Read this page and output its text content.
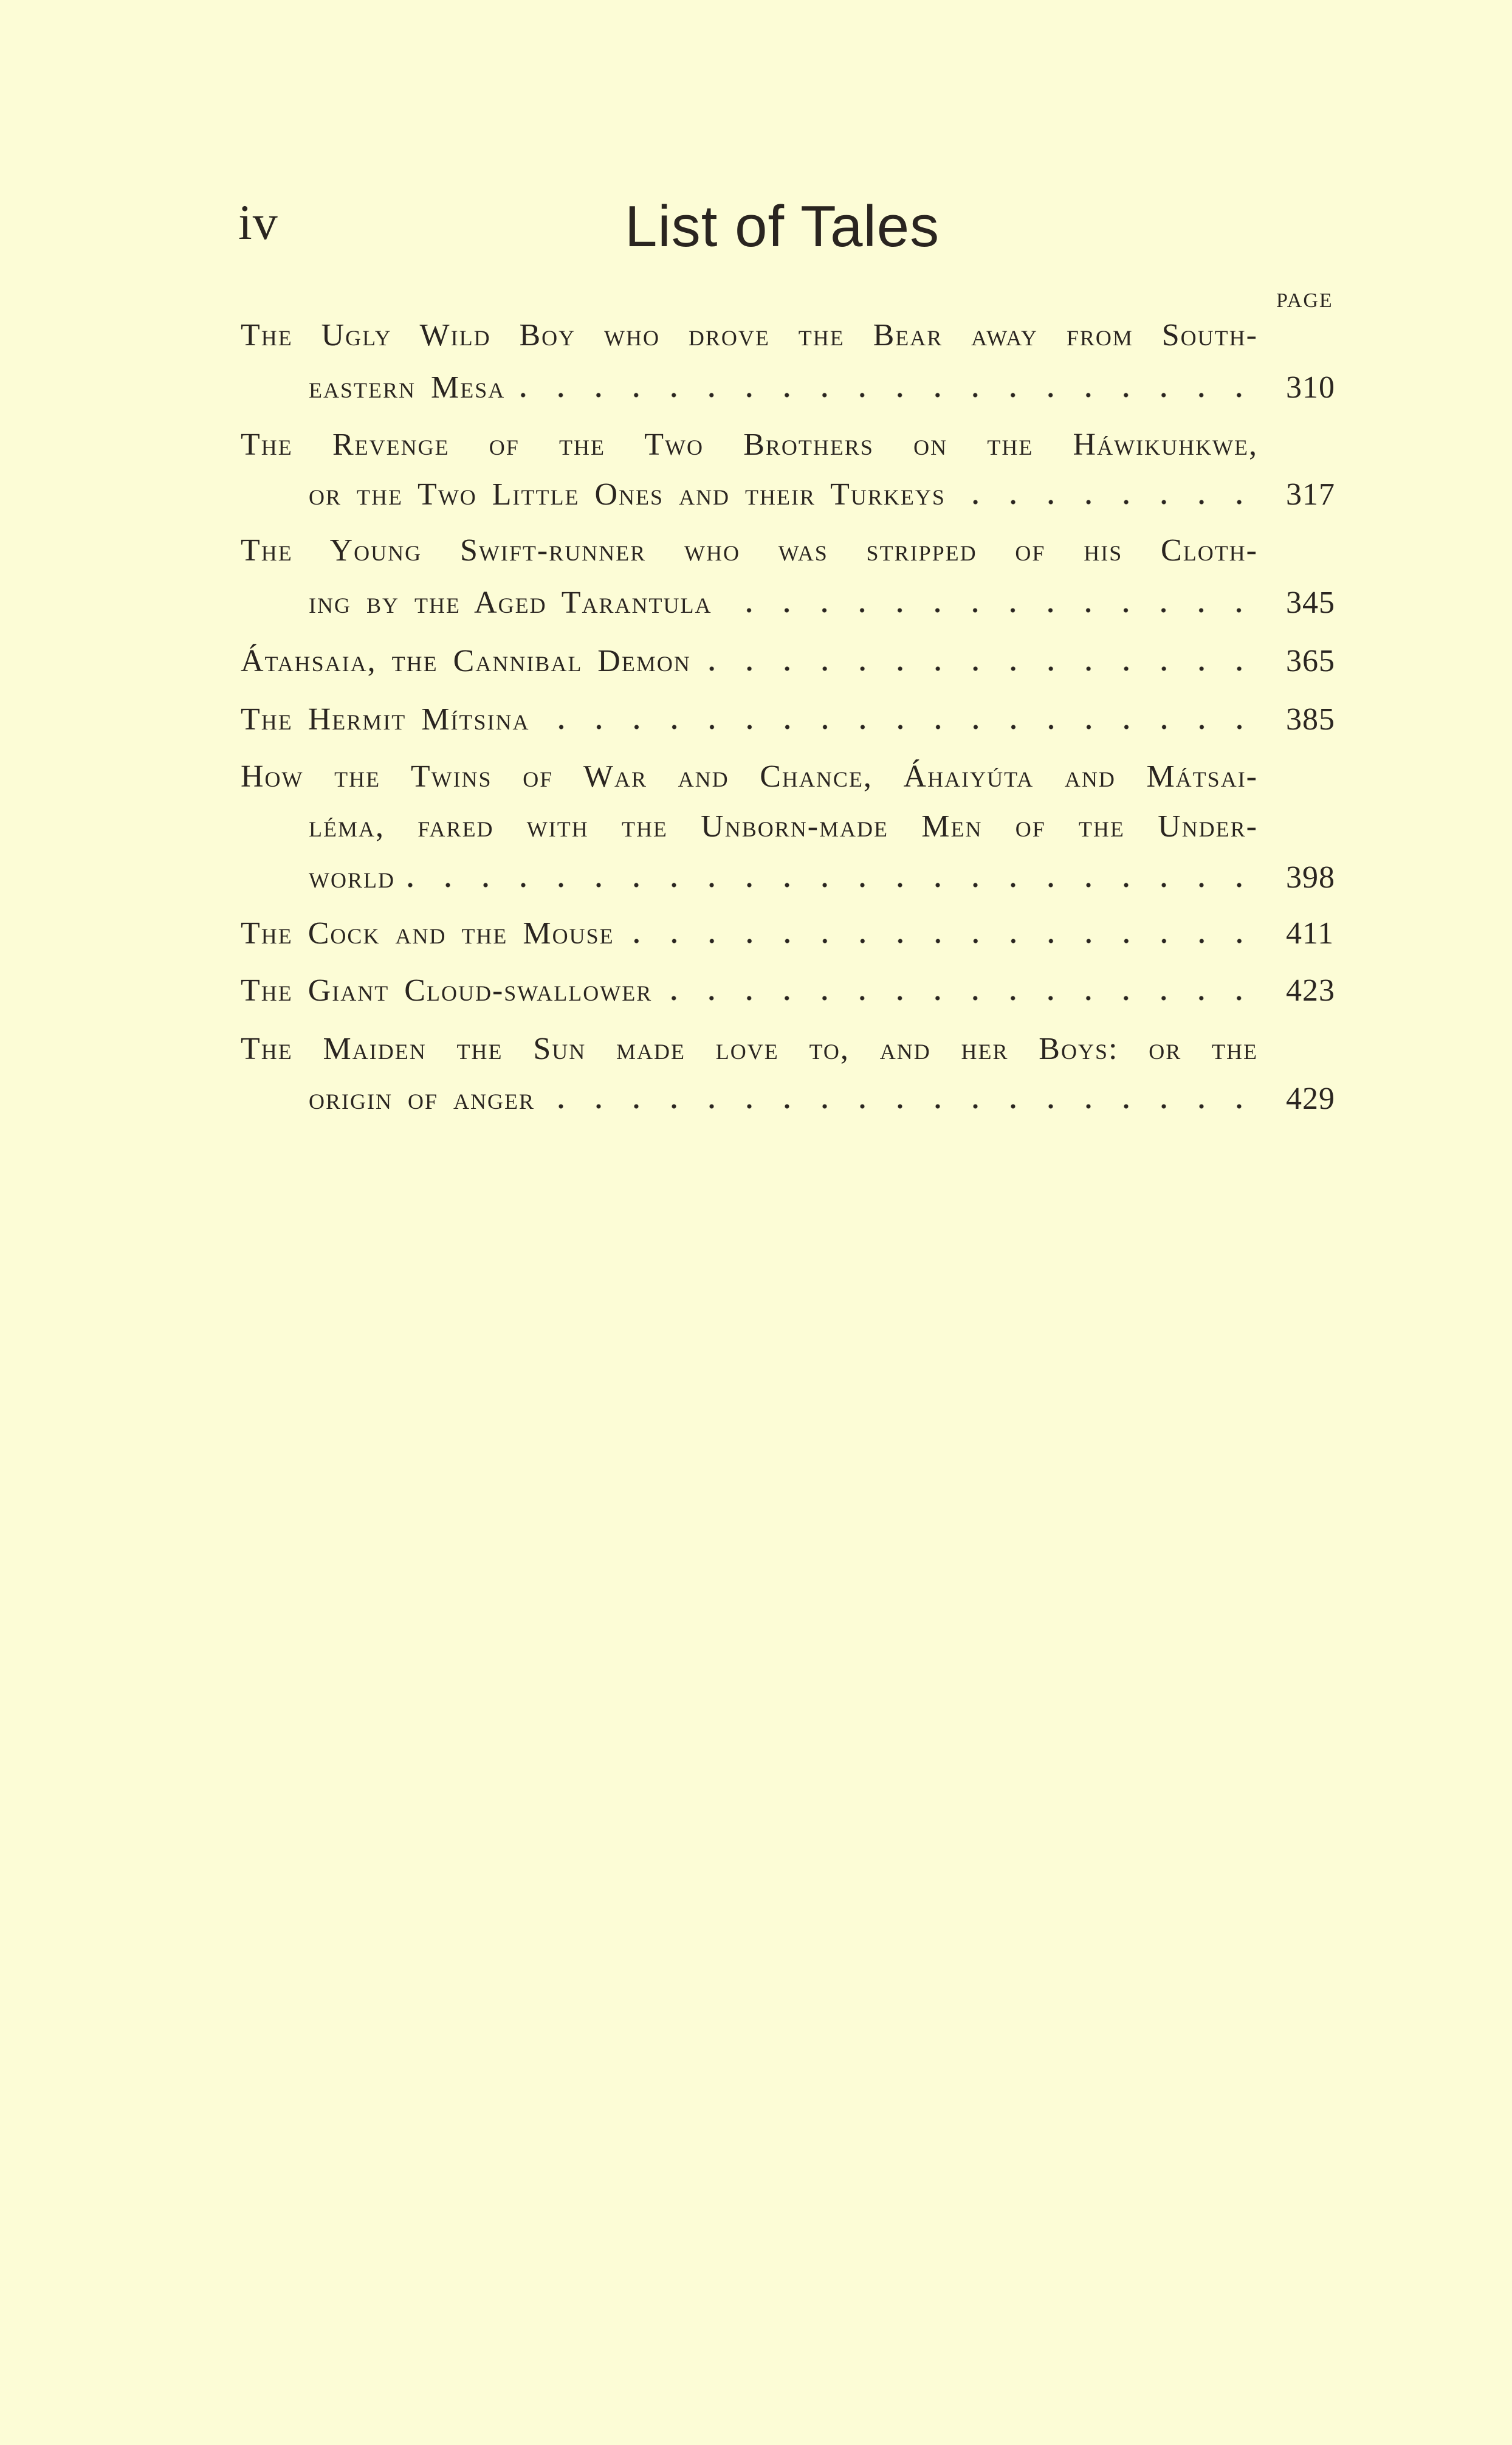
iv	List of Tales
PAGE
The Ugly Wild Boy who drove the Bear away from South-
eastern Mesa	310
The Revenge of the Two Brothers on the Háwikuhkwe,
or the Two Little Ones and their Turkeys	317
The Young Swift-runner who was stripped of his Cloth-
ing by the Aged Tarantula	345
Átahsaia, the Cannibal Demon	365
The Hermit Mítsina	385
How the Twins of War and Chance, Áhaiyúta and Mátsai-
léma, fared with the Unborn-made Men of the Under-
world	398
The Cock and the Mouse	411
The Giant Cloud-swallower	423
The Maiden the Sun made love to, and her Boys: or the
origin of anger	429
